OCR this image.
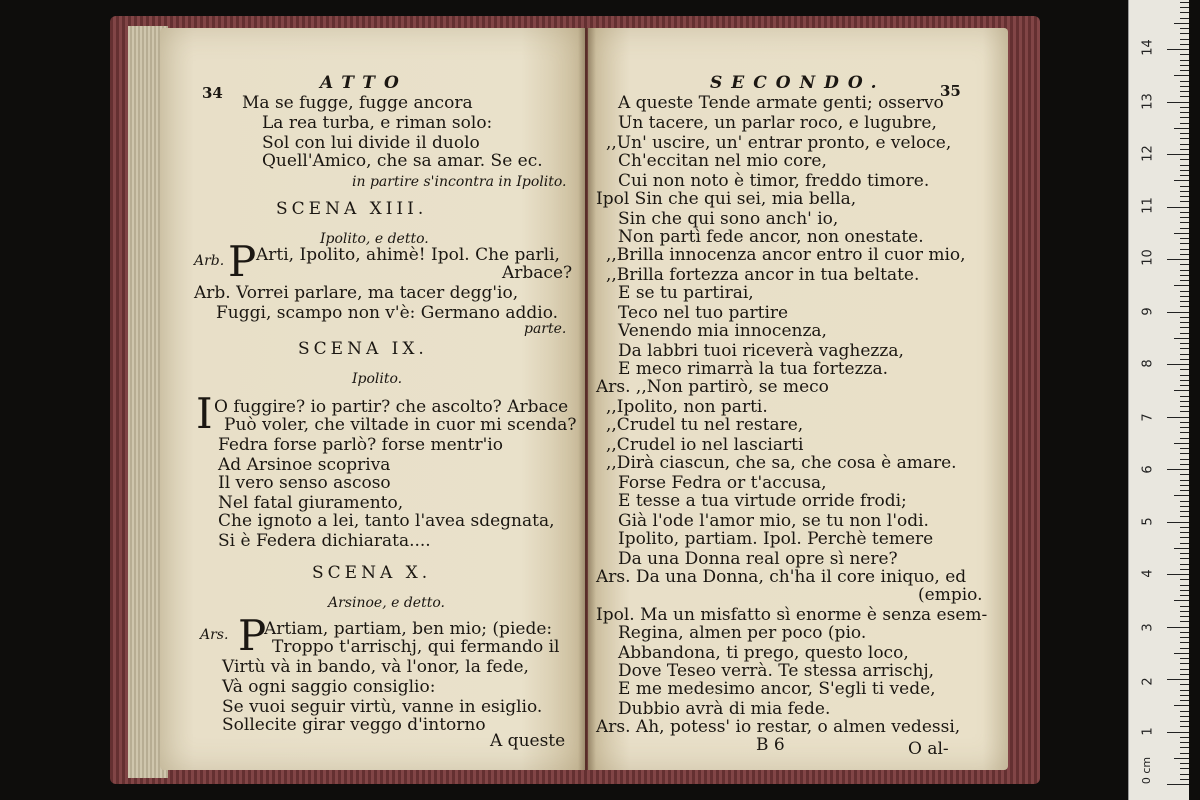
34	ATTO
Ma se fugge, fugge ancora
La rea turba, e riman solo:
Sol con lui divide il duolo
Quell'Amico, che sa amar. Se ec.
in partire s'incontra in Ipolito.
SCENA XIII.
Ipolito, e detto.
Arb. P Arti, Ipolito, ahimè! Ipol. Che parli,
Arbace?
Arb. Vorrei parlare, ma tacer degg'io,
Fuggi, scampo non v'è: Germano addio.
parte.
SCENA IX.
Ipolito.
I O fuggire? io partir? che ascolto? Arbace
Può voler, che viltade in cuor mi scenda?
Fedra forse parlò? forse mentr'io
Ad Arsinoe scopriva
Il vero senso ascoso
Nel fatal giuramento,
Che ignoto a lei, tanto l'avea sdegnata,
Si è Federa dichiarata....
SCENA X.
Arsinoe, e detto.
Ars. P
Artiam, partiam, ben mio; (piede:
Troppo t'arrischj, qui fermando il
Virtù và in bando, và l'onor, la fede,
Và ogni saggio consiglio:
Se vuoi seguir virtù, vanne in esiglio.
Sollecite girar veggo d'intorno
A queste
SECONDO.	35
A queste Tende armate genti; osservo
Un tacere, un parlar roco, e lugubre,
,,Un' uscire, un' entrar pronto, e veloce,
Ch'eccitan nel mio core,
Cui non noto è timor, freddo timore.
Ipol Sin che qui sei, mia bella,
Sin che qui sono anch' io,
Non partì fede ancor, non onestate.
,,Brilla innocenza ancor entro il cuor mio,
,,Brilla fortezza ancor in tua beltate.
E se tu partirai,
Teco nel tuo partire
Venendo mia innocenza,
Da labbri tuoi riceverà vaghezza,
E meco rimarrà la tua fortezza.
Ars. ,,Non partirò, se meco
,,Ipolito, non parti.
,,Crudel tu nel restare,
,,Crudel io nel lasciarti
,,Dirà ciascun, che sa, che cosa è amare.
Forse Fedra or t'accusa,
E tesse a tua virtude orride frodi;
Già l'ode l'amor mio, se tu non l'odi.
Ipolito, partiam. Ipol. Perchè temere
Da una Donna real opre sì nere?
Ars. Da una Donna, ch'ha il core iniquo, ed
(empio.
Ipol. Ma un misfatto sì enorme è senza esem-
Regina, almen per poco (pio.
Abbandona, ti prego, questo loco,
Dove Teseo verrà. Te stessa arrischj,
E me medesimo ancor, S'egli ti vede,
Dubbio avrà di mia fede.
Ars. Ah, potess' io restar, o almen vedessi,
B 6	O al-
0 cm
1
2
3
4
5
6
7
8
9
10
11
12
13
14
